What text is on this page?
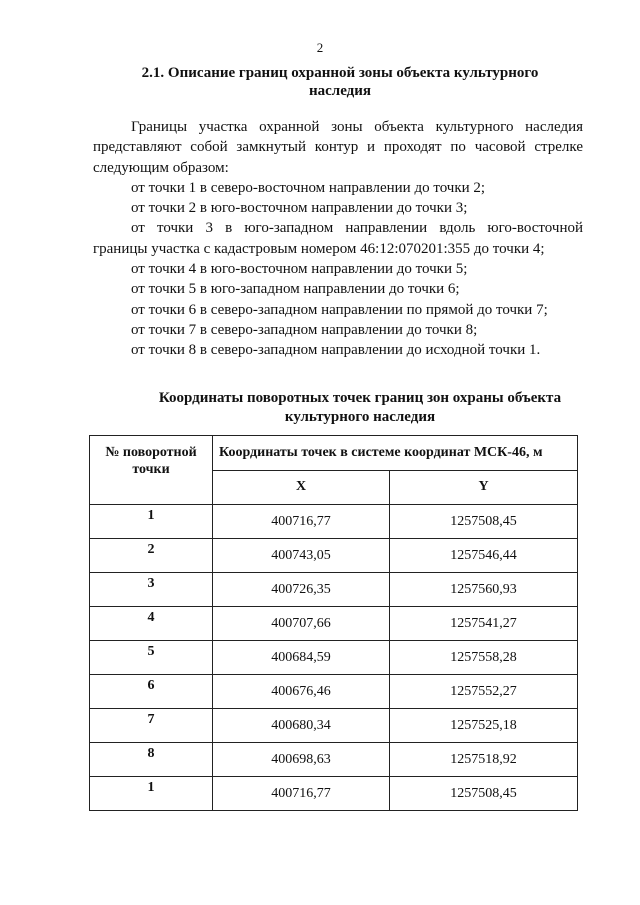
2
2.1. Описание границ охранной зоны объекта культурного
наследия

Границы участка охранной зоны объекта культурного наследия

представляют собой замкнутый контур и проходят по часовой стрелке

следующим образом:

от точки 1 в северо-восточном направлении до точки 2;

от точки 2 в юго-восточном направлении до точки 3;

от точки 3 в юго-западном направлении вдоль юго-восточной

границы участка с кадастровым номером 46:12:070201:355 до точки 4;

от точки 4 в юго-восточном направлении до точки 5;

от точки 5 в юго-западном направлении до точки 6;

от точки 6 в северо-западном направлении по прямой до точки 7;

от точки 7 в северо-западном направлении до точки 8;

от точки 8 в северо-западном направлении до исходной точки 1.

Координаты поворотных точек границ зон охраны объекта
культурного наследия
№ поворотной
точки	Координаты точек в системе координат МСК-46, м	
	X	Y
1	400716,77	1257508,45
2	400743,05	1257546,44
3	400726,35	1257560,93
4	400707,66	1257541,27
5	400684,59	1257558,28
6	400676,46	1257552,27
7	400680,34	1257525,18
8	400698,63	1257518,92
1	400716,77	1257508,45
